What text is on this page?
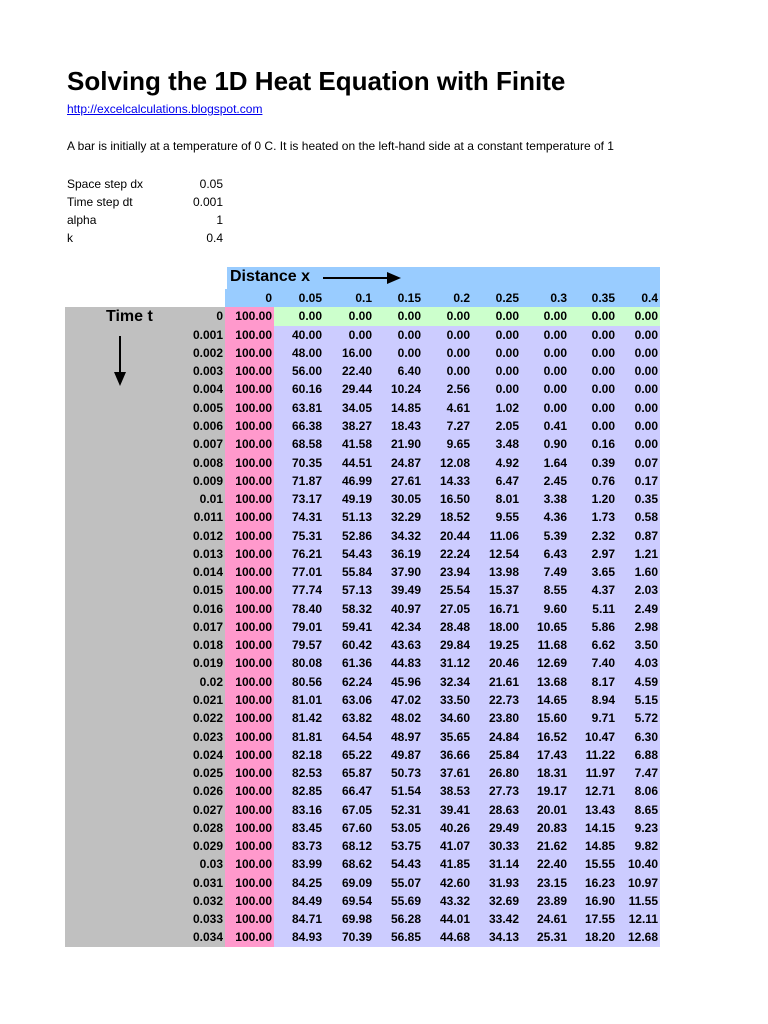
Solving the 1D Heat Equation with Finite
http://excelcalculations.blogspot.com
A bar is initially at a temperature of 0 C. It is heated on the left-hand side at a constant temperature of 1
Space step dx	0.05
Time step dt	0.001
alpha	1
k	0.4
Distance x
	0	0.05	0.1	0.15	0.2	0.25	0.3	0.35	0.4
0	100.00	0.00	0.00	0.00	0.00	0.00	0.00	0.00	0.00
0.001	100.00	40.00	0.00	0.00	0.00	0.00	0.00	0.00	0.00
0.002	100.00	48.00	16.00	0.00	0.00	0.00	0.00	0.00	0.00
0.003	100.00	56.00	22.40	6.40	0.00	0.00	0.00	0.00	0.00
0.004	100.00	60.16	29.44	10.24	2.56	0.00	0.00	0.00	0.00
0.005	100.00	63.81	34.05	14.85	4.61	1.02	0.00	0.00	0.00
0.006	100.00	66.38	38.27	18.43	7.27	2.05	0.41	0.00	0.00
0.007	100.00	68.58	41.58	21.90	9.65	3.48	0.90	0.16	0.00
0.008	100.00	70.35	44.51	24.87	12.08	4.92	1.64	0.39	0.07
0.009	100.00	71.87	46.99	27.61	14.33	6.47	2.45	0.76	0.17
0.01	100.00	73.17	49.19	30.05	16.50	8.01	3.38	1.20	0.35
0.011	100.00	74.31	51.13	32.29	18.52	9.55	4.36	1.73	0.58
0.012	100.00	75.31	52.86	34.32	20.44	11.06	5.39	2.32	0.87
0.013	100.00	76.21	54.43	36.19	22.24	12.54	6.43	2.97	1.21
0.014	100.00	77.01	55.84	37.90	23.94	13.98	7.49	3.65	1.60
0.015	100.00	77.74	57.13	39.49	25.54	15.37	8.55	4.37	2.03
0.016	100.00	78.40	58.32	40.97	27.05	16.71	9.60	5.11	2.49
0.017	100.00	79.01	59.41	42.34	28.48	18.00	10.65	5.86	2.98
0.018	100.00	79.57	60.42	43.63	29.84	19.25	11.68	6.62	3.50
0.019	100.00	80.08	61.36	44.83	31.12	20.46	12.69	7.40	4.03
0.02	100.00	80.56	62.24	45.96	32.34	21.61	13.68	8.17	4.59
0.021	100.00	81.01	63.06	47.02	33.50	22.73	14.65	8.94	5.15
0.022	100.00	81.42	63.82	48.02	34.60	23.80	15.60	9.71	5.72
0.023	100.00	81.81	64.54	48.97	35.65	24.84	16.52	10.47	6.30
0.024	100.00	82.18	65.22	49.87	36.66	25.84	17.43	11.22	6.88
0.025	100.00	82.53	65.87	50.73	37.61	26.80	18.31	11.97	7.47
0.026	100.00	82.85	66.47	51.54	38.53	27.73	19.17	12.71	8.06
0.027	100.00	83.16	67.05	52.31	39.41	28.63	20.01	13.43	8.65
0.028	100.00	83.45	67.60	53.05	40.26	29.49	20.83	14.15	9.23
0.029	100.00	83.73	68.12	53.75	41.07	30.33	21.62	14.85	9.82
0.03	100.00	83.99	68.62	54.43	41.85	31.14	22.40	15.55	10.40
0.031	100.00	84.25	69.09	55.07	42.60	31.93	23.15	16.23	10.97
0.032	100.00	84.49	69.54	55.69	43.32	32.69	23.89	16.90	11.55
0.033	100.00	84.71	69.98	56.28	44.01	33.42	24.61	17.55	12.11
0.034	100.00	84.93	70.39	56.85	44.68	34.13	25.31	18.20	12.68
Time t
